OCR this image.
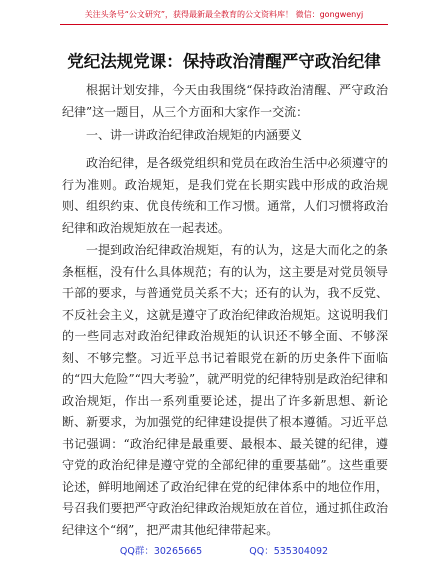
关注头条号“公文研究”，获得最新最全教育的公文资料库！ 微信：gongwenyj
党纪法规党课：保持政治清醒严守政治纪律

根据计划安排，今天由我围绕“保持政治清醒、严守政治纪律”这一题目，从三个方面和大家作一交流：

一、讲一讲政治纪律政治规矩的内涵要义

政治纪律，是各级党组织和党员在政治生活中必须遵守的行为准则。政治规矩，是我们党在长期实践中形成的政治规则、组织约束、优良传统和工作习惯。通常，人们习惯将政治纪律和政治规矩放在一起表述。

一提到政治纪律政治规矩，有的认为，这是大而化之的条条框框，没有什么具体规范；有的认为，这主要是对党员领导干部的要求，与普通党员关系不大；还有的认为，我不反党、不反社会主义，这就是遵守了政治纪律政治规矩。这说明我们的一些同志对政治纪律政治规矩的认识还不够全面、不够深刻、不够完整。习近平总书记着眼党在新的历史条件下面临的“四大危险”“四大考验”，就严明党的纪律特别是政治纪律和政治规矩，作出一系列重要论述，提出了许多新思想、新论断、新要求，为加强党的纪律建设提供了根本遵循。习近平总书记强调：“政治纪律是最重要、最根本、最关键的纪律，遵守党的政治纪律是遵守党的全部纪律的重要基础”。这些重要论述，鲜明地阐述了政治纪律在党的纪律体系中的地位作用，号召我们要把严守政治纪律政治规矩放在首位，通过抓住政治纪律这个“纲”，把严肃其他纪律带起来。

QQ群：30265665	QQ：535304092
